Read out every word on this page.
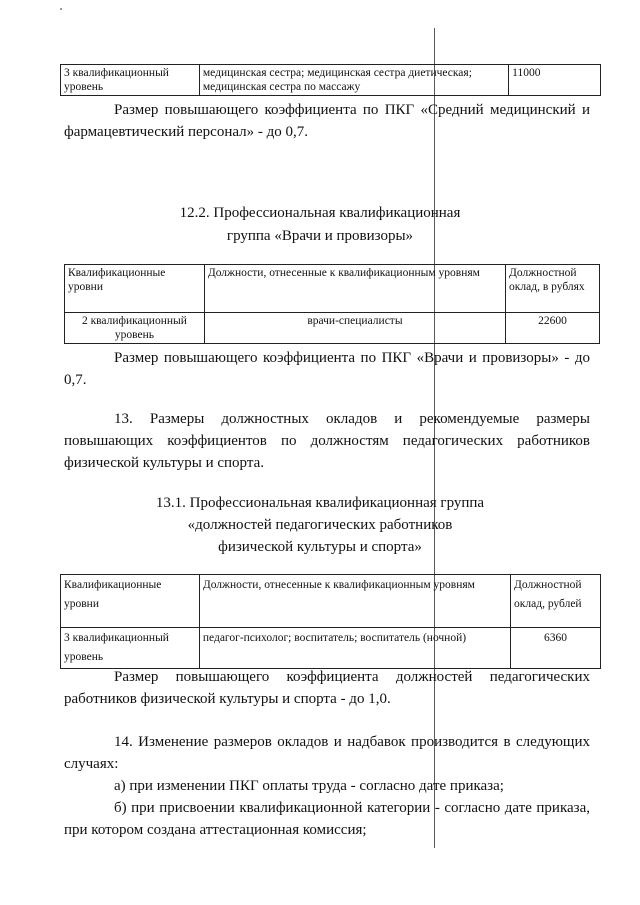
3 квалификационный уровень	медицинская сестра; медицинская сестра диетическая; медицинская сестра по массажу	11000
Размер повышающего коэффициента по ПКГ «Средний медицинский и фармацевтический персонал» - до 0,7.
12.2. Профессиональная квалификационная
группа «Врачи и провизоры»
Квалификационные уровни	Должности, отнесенные к квалификационным уровням	Должностной оклад, в рублях
2 квалификационный уровень	врачи-специалисты	22600
Размер повышающего коэффициента по ПКГ «Врачи и провизоры» - до 0,7.
13. Размеры должностных окладов и рекомендуемые размеры повышающих коэффициентов по должностям педагогических работников физической культуры и спорта.
13.1. Профессиональная квалификационная группа
«должностей педагогических работников
физической культуры и спорта»
Квалификационные уровни	Должности, отнесенные к квалификационным уровням	Должностной оклад, рублей
3 квалификационный уровень	педагог-психолог; воспитатель; воспитатель (ночной)	6360
Размер повышающего коэффициента должностей педагогических работников физической культуры и спорта - до 1,0.
14. Изменение размеров окладов и надбавок производится в следующих случаях:
а) при изменении ПКГ оплаты труда - согласно дате приказа;
б) при присвоении квалификационной категории - согласно дате приказа, при котором создана аттестационная комиссия;
